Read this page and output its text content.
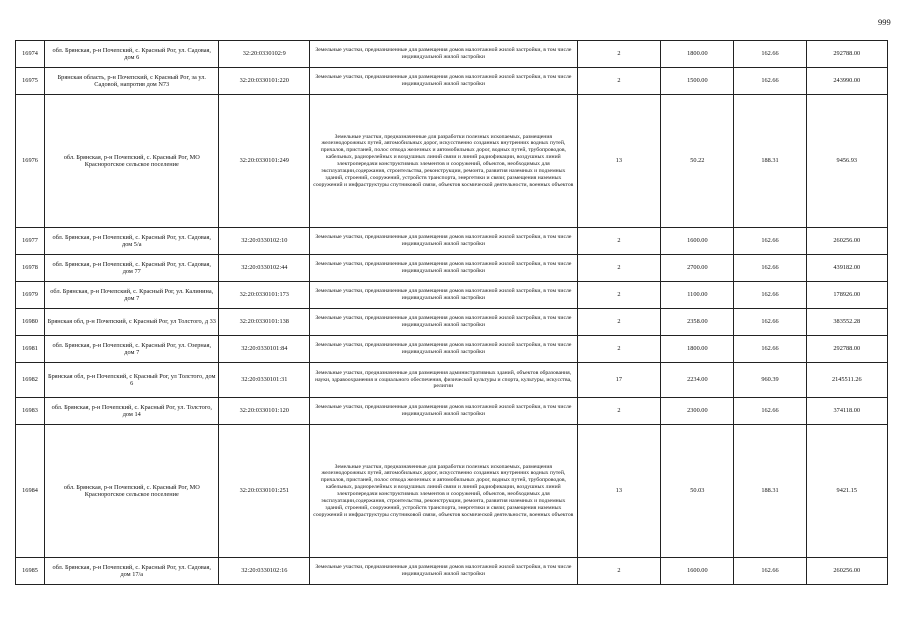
999
16974	обл. Брянская, р-н Почепский, с. Красный Рог, ул. Садовая, дом 6	32:20:0330102:9	Земельные участки, предназначенные для размещения домов малоэтажной жилой застройки, в том числе индивидуальной жилой застройки	2	1800.00	162.66	292788.00
16975	Брянская область, р-н Почепский, с Красный Рог, за ул. Садовой, напротив дом N73	32:20:0330101:220	Земельные участки, предназначенные для размещения домов малоэтажной жилой застройки, в том числе индивидуальной жилой застройки	2	1500.00	162.66	243990.00
16976	обл. Брянская, р-н Почепский, с. Красный Рог, МО Краснорогское сельское поселение	32:20:0330101:249	Земельные участки, предназначенные для разработки полезных ископаемых, размещения железнодорожных путей, автомобильных дорог, искусственно созданных внутренних водных путей, причалов, пристаней, полос отвода железных и автомобильных дорог, водных путей, трубопроводов, кабельных, радиорелейных и воздушных линий связи и линий радиофикации, воздушных линий электропередачи конструктивных элементов и сооружений, объектов, необходимых для эксплуатации,содержания, строительства, реконструкции, ремонта, развития наземных и подземных зданий, строений, сооружений, устройств транспорта, энергетики и связи; размещения наземных сооружений и инфраструктуры спутниковой связи, объектов космической деятельности, военных объектов	13	50.22	188.31	9456.93
16977	обл. Брянская, р-н Почепский, с. Красный Рог, ул. Садовая, дом 5/а	32:20:0330102:10	Земельные участки, предназначенные для размещения домов малоэтажной жилой застройки, в том числе индивидуальной жилой застройки	2	1600.00	162.66	260256.00
16978	обл. Брянская, р-н Почепский, с. Красный Рог, ул. Садовая, дом 77	32:20:0330102:44	Земельные участки, предназначенные для размещения домов малоэтажной жилой застройки, в том числе индивидуальной жилой застройки	2	2700.00	162.66	439182.00
16979	обл. Брянская, р-н Почепский, с. Красный Рог, ул. Калинина, дом 7	32:20:0330101:173	Земельные участки, предназначенные для размещения домов малоэтажной жилой застройки, в том числе индивидуальной жилой застройки	2	1100.00	162.66	178926.00
16980	Брянская обл, р-н Почепский, с Красный Рог, ул Толстого, д 33	32:20:0330101:138	Земельные участки, предназначенные для размещения домов малоэтажной жилой застройки, в том числе индивидуальной жилой застройки	2	2358.00	162.66	383552.28
16981	обл. Брянская, р-н Почепский, с. Красный Рог, ул. Озерная, дом 7	32:20:0330101:84	Земельные участки, предназначенные для размещения домов малоэтажной жилой застройки, в том числе индивидуальной жилой застройки	2	1800.00	162.66	292788.00
16982	Брянская обл, р-н Почепский, с Красный Рог, ул Толстого, дом 6	32:20:0330101:31	Земельные участки, предназначенные для размещения административных зданий, объектов образования, науки, здравоохранения и социального обеспечения, физической культуры и спорта, культуры, искусства, религии	17	2234.00	960.39	2145511.26
16983	обл. Брянская, р-н Почепский, с. Красный Рог, ул. Толстого, дом 14	32:20:0330101:120	Земельные участки, предназначенные для размещения домов малоэтажной жилой застройки, в том числе индивидуальной жилой застройки	2	2300.00	162.66	374118.00
16984	обл. Брянская, р-н Почепский, с. Красный Рог, МО Краснорогское сельское поселение	32:20:0330101:251	Земельные участки, предназначенные для разработки полезных ископаемых, размещения железнодорожных путей, автомобильных дорог, искусственно созданных внутренних водных путей, причалов, пристаней, полос отвода железных и автомобильных дорог, водных путей, трубопроводов, кабельных, радиорелейных и воздушных линий связи и линий радиофикации, воздушных линий электропередачи конструктивных элементов и сооружений, объектов, необходимых для эксплуатации,содержания, строительства, реконструкции, ремонта, развития наземных и подземных зданий, строений, сооружений, устройств транспорта, энергетики и связи; размещения наземных сооружений и инфраструктуры спутниковой связи, объектов космической деятельности, военных объектов	13	50.03	188.31	9421.15
16985	обл. Брянская, р-н Почепский, с. Красный Рог, ул. Садовая, дом 17/а	32:20:0330102:16	Земельные участки, предназначенные для размещения домов малоэтажной жилой застройки, в том числе индивидуальной жилой застройки	2	1600.00	162.66	260256.00
